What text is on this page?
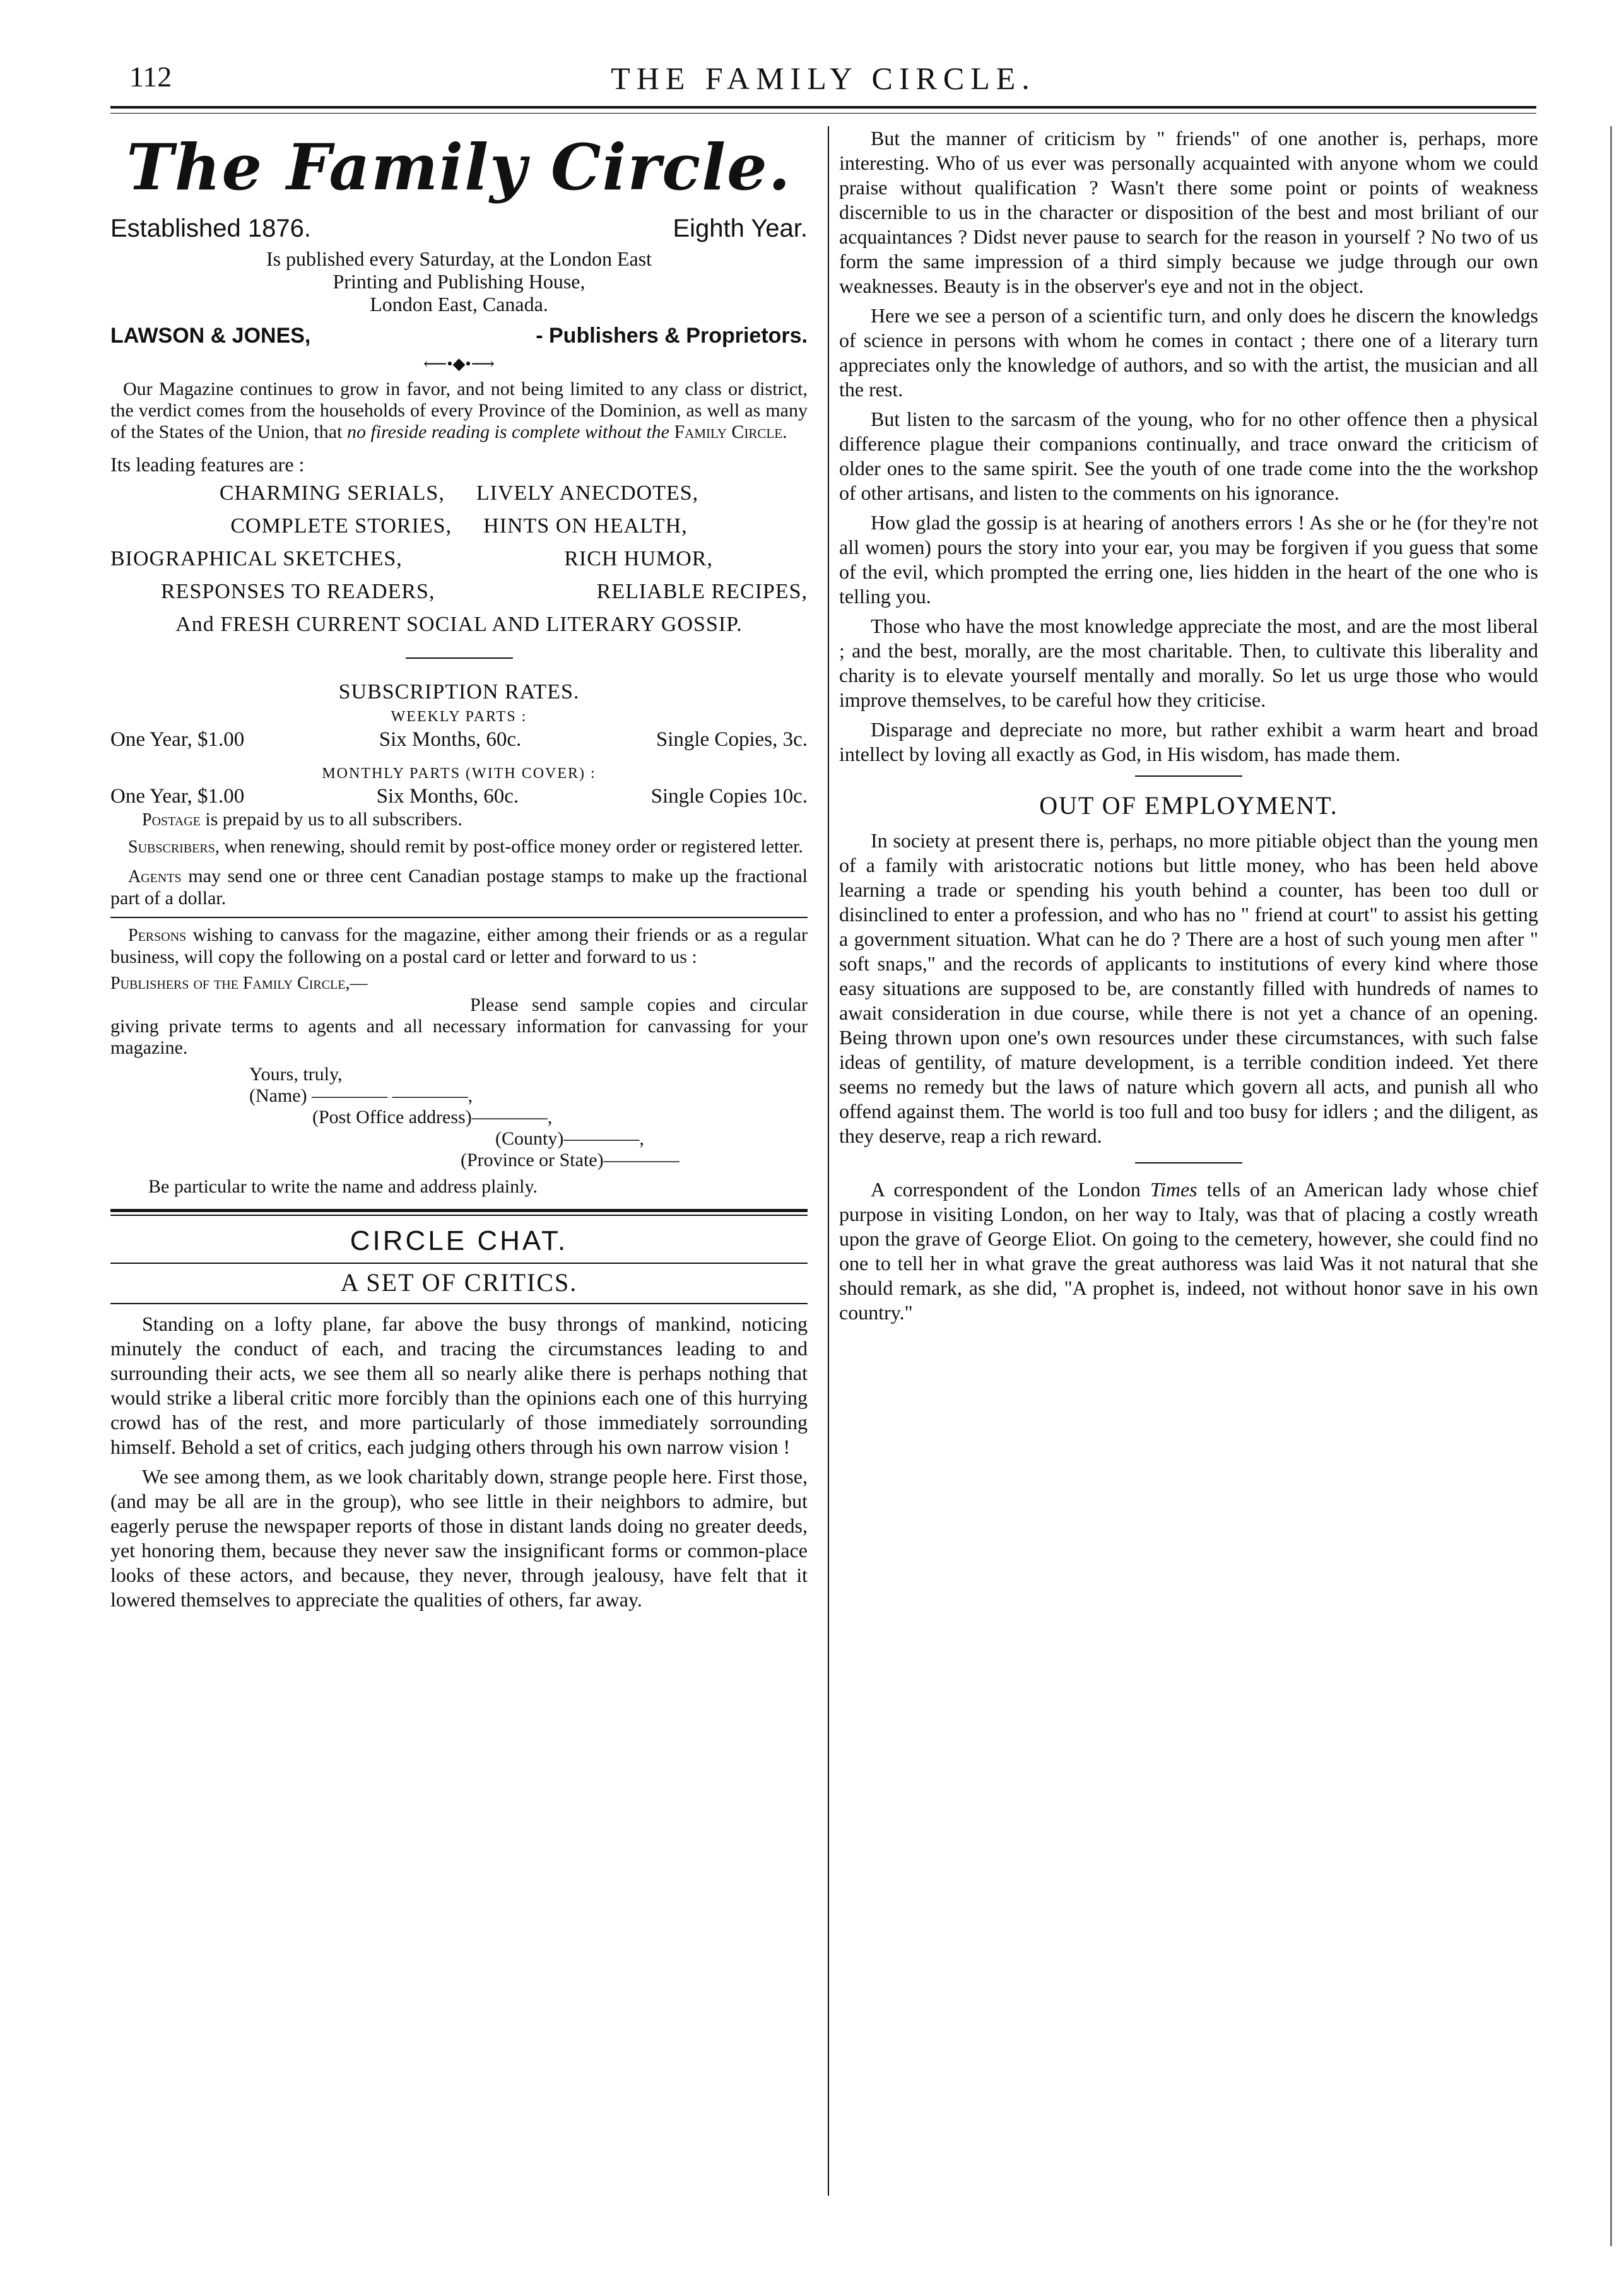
112	THE FAMILY CIRCLE.
The Family Circle.
Established 1876.	Eighth Year.
Is published every Saturday, at the London East
Printing and Publishing House,
London East, Canada.
LAWSON & JONES,	- Publishers & Proprietors.
⟵•◆•⟶

Our Magazine continues to grow in favor, and not being limited to any class or district, the verdict comes from the households of every Province of the Dominion, as well as many of the States of the Union, that no fireside reading is complete without the Family Circle.

Its leading features are :
CHARMING SERIALS, LIVELY ANECDOTES,
COMPLETE STORIES, HINTS ON HEALTH,
BIOGRAPHICAL SKETCHES,	RICH HUMOR,
RESPONSES TO READERS,	RELIABLE RECIPES,
And FRESH CURRENT SOCIAL AND LITERARY GOSSIP.
SUBSCRIPTION RATES.
WEEKLY PARTS :
One Year, $1.00	Six Months, 60c.	Single Copies, 3c.
MONTHLY PARTS (WITH COVER) :
One Year, $1.00	Six Months, 60c.	Single Copies 10c.

Postage is prepaid by us to all subscribers.

Subscribers, when renewing, should remit by post-office money order or registered letter.

Agents may send one or three cent Canadian postage stamps to make up the fractional part of a dollar.

Persons wishing to canvass for the magazine, either among their friends or as a regular business, will copy the following on a postal card or letter and forward to us :

Publishers of the Family Circle,—

Please send sample copies and circular giving private terms to agents and all necessary information for canvassing for your magazine.

Yours, truly,
(Name) ———— ————,
(Post Office address)————,
(County)————,
(Province or State)————
Be particular to write the name and address plainly.
CIRCLE CHAT.
A SET OF CRITICS.

Standing on a lofty plane, far above the busy throngs of mankind, noticing minutely the conduct of each, and tracing the circumstances leading to and surrounding their acts, we see them all so nearly alike there is perhaps nothing that would strike a liberal critic more forcibly than the opinions each one of this hurrying crowd has of the rest, and more particularly of those immediately sorrounding himself. Behold a set of critics, each judging others through his own narrow vision !

We see among them, as we look charitably down, strange people here. First those, (and may be all are in the group), who see little in their neighbors to admire, but eagerly peruse the newspaper reports of those in distant lands doing no greater deeds, yet honoring them, because they never saw the insignificant forms or common-place looks of these actors, and because, they never, through jealousy, have felt that it lowered themselves to appreciate the qualities of others, far away.

But the manner of criticism by " friends" of one another is, perhaps, more interesting. Who of us ever was personally acquainted with anyone whom we could praise without qualification ? Wasn't there some point or points of weakness discernible to us in the character or disposition of the best and most briliant of our acquaintances ? Didst never pause to search for the reason in yourself ? No two of us form the same impression of a third simply because we judge through our own weaknesses. Beauty is in the observer's eye and not in the object.

Here we see a person of a scientific turn, and only does he discern the knowledgs of science in persons with whom he comes in contact ; there one of a literary turn appreciates only the knowledge of authors, and so with the artist, the musician and all the rest.

But listen to the sarcasm of the young, who for no other offence then a physical difference plague their companions continually, and trace onward the criticism of older ones to the same spirit. See the youth of one trade come into the the workshop of other artisans, and listen to the comments on his ignorance.

How glad the gossip is at hearing of anothers errors ! As she or he (for they're not all women) pours the story into your ear, you may be forgiven if you guess that some of the evil, which prompted the erring one, lies hidden in the heart of the one who is telling you.

Those who have the most knowledge appreciate the most, and are the most liberal ; and the best, morally, are the most charitable. Then, to cultivate this liberality and charity is to elevate yourself mentally and morally. So let us urge those who would improve themselves, to be careful how they criticise.

Disparage and depreciate no more, but rather exhibit a warm heart and broad intellect by loving all exactly as God, in His wisdom, has made them.

OUT OF EMPLOYMENT.

In society at present there is, perhaps, no more pitiable object than the young men of a family with aristocratic notions but little money, who has been held above learning a trade or spending his youth behind a counter, has been too dull or disinclined to enter a profession, and who has no " friend at court" to assist his getting a government situation. What can he do ? There are a host of such young men after " soft snaps," and the records of applicants to institutions of every kind where those easy situations are supposed to be, are constantly filled with hundreds of names to await consideration in due course, while there is not yet a chance of an opening. Being thrown upon one's own resources under these circumstances, with such false ideas of gentility, of mature development, is a terrible condition indeed. Yet there seems no remedy but the laws of nature which govern all acts, and punish all who offend against them. The world is too full and too busy for idlers ; and the diligent, as they deserve, reap a rich reward.

A correspondent of the London Times tells of an American lady whose chief purpose in visiting London, on her way to Italy, was that of placing a costly wreath upon the grave of George Eliot. On going to the cemetery, however, she could find no one to tell her in what grave the great authoress was laid Was it not natural that she should remark, as she did, "A prophet is, indeed, not without honor save in his own country."
